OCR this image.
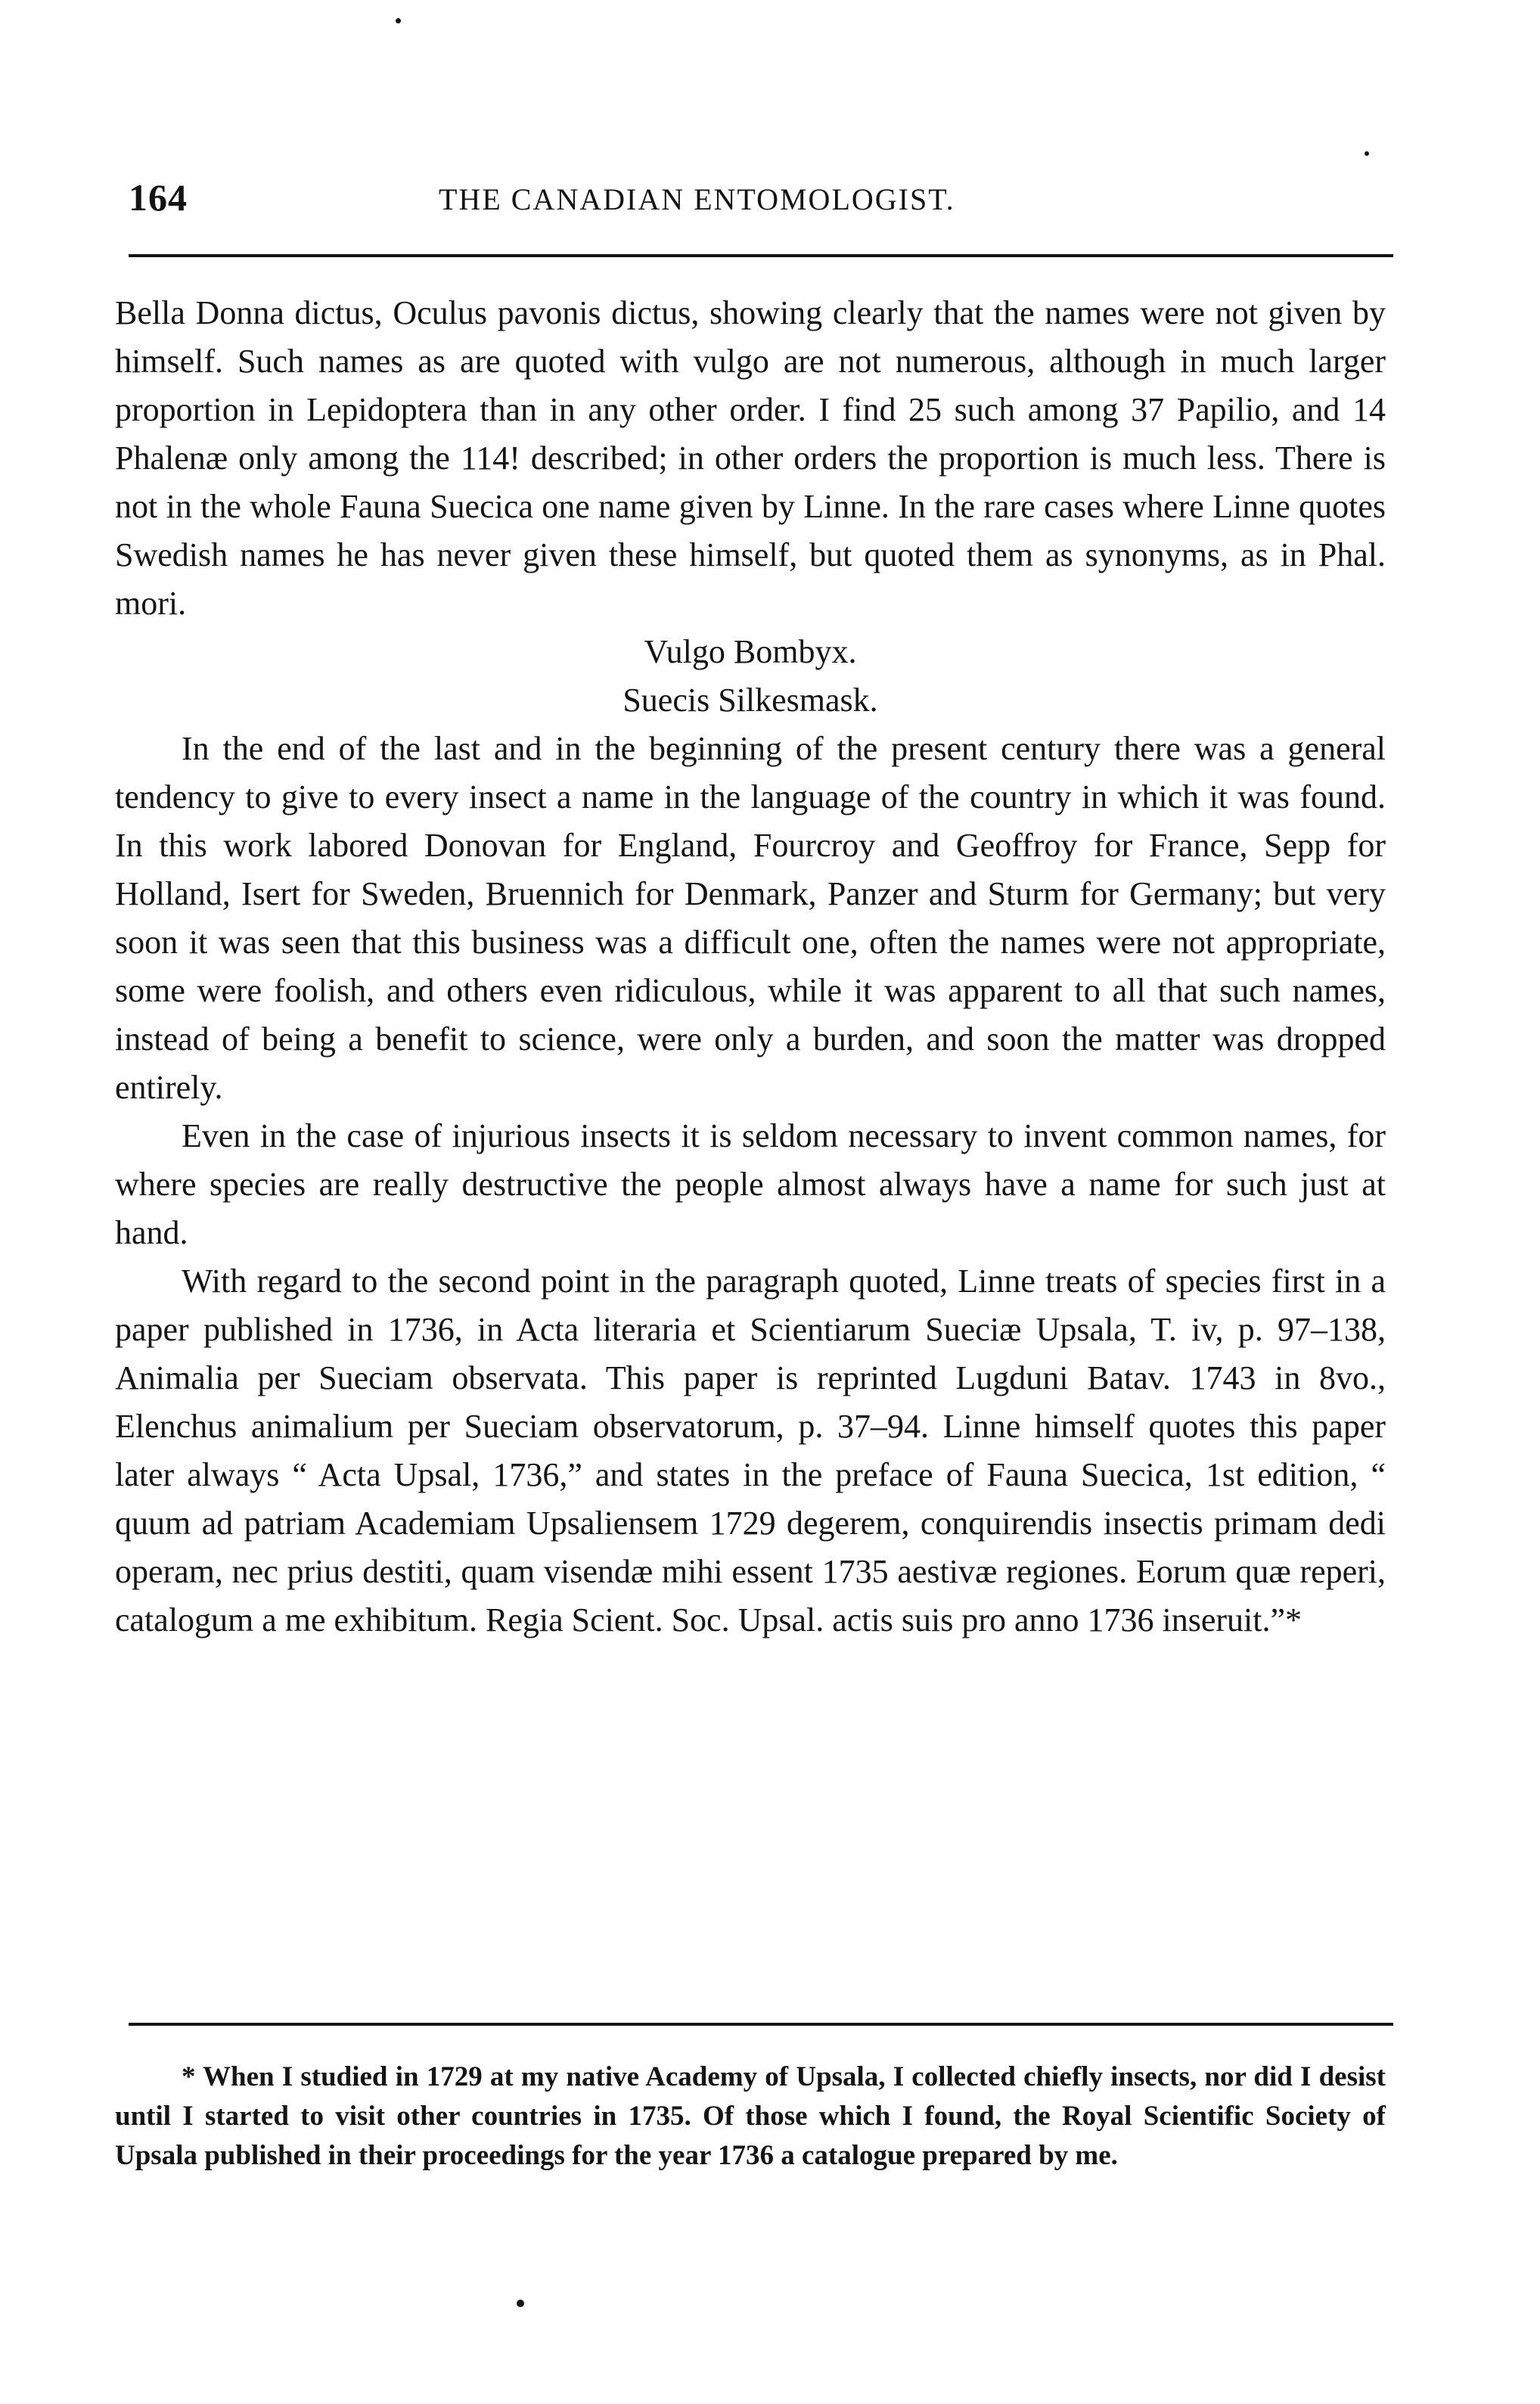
164	THE CANADIAN ENTOMOLOGIST.

Bella Donna dictus, Oculus pavonis dictus, showing clearly that the names were not given by himself. Such names as are quoted with vulgo are not numerous, although in much larger proportion in Lepidoptera than in any other order. I find 25 such among 37 Papilio, and 14 Phalenæ only among the 114! described; in other orders the proportion is much less. There is not in the whole Fauna Suecica one name given by Linne. In the rare cases where Linne quotes Swedish names he has never given these himself, but quoted them as synonyms, as in Phal. mori.

Vulgo Bombyx.

Suecis Silkesmask.

In the end of the last and in the beginning of the present century there was a general tendency to give to every insect a name in the language of the country in which it was found. In this work labored Donovan for England, Fourcroy and Geoffroy for France, Sepp for Holland, Isert for Sweden, Bruennich for Denmark, Panzer and Sturm for Germany; but very soon it was seen that this business was a difficult one, often the names were not appropriate, some were foolish, and others even ridiculous, while it was apparent to all that such names, instead of being a benefit to science, were only a burden, and soon the matter was dropped entirely.

Even in the case of injurious insects it is seldom necessary to invent common names, for where species are really destructive the people almost always have a name for such just at hand.

With regard to the second point in the paragraph quoted, Linne treats of species first in a paper published in 1736, in Acta literaria et Scientiarum Sueciæ Upsala, T. iv, p. 97–138, Animalia per Sueciam observata. This paper is reprinted Lugduni Batav. 1743 in 8vo., Elenchus animalium per Sueciam observatorum, p. 37–94. Linne himself quotes this paper later always “ Acta Upsal, 1736,” and states in the preface of Fauna Suecica, 1st edition, “ quum ad patriam Academiam Upsaliensem 1729 degerem, conquirendis insectis primam dedi operam, nec prius destiti, quam visendæ mihi essent 1735 aestivæ regiones. Eorum quæ reperi, catalogum a me exhibitum. Regia Scient. Soc. Upsal. actis suis pro anno 1736 inseruit.”*

* When I studied in 1729 at my native Academy of Upsala, I collected chiefly insects, nor did I desist until I started to visit other countries in 1735. Of those which I found, the Royal Scientific Society of Upsala published in their proceedings for the year 1736 a catalogue prepared by me.
